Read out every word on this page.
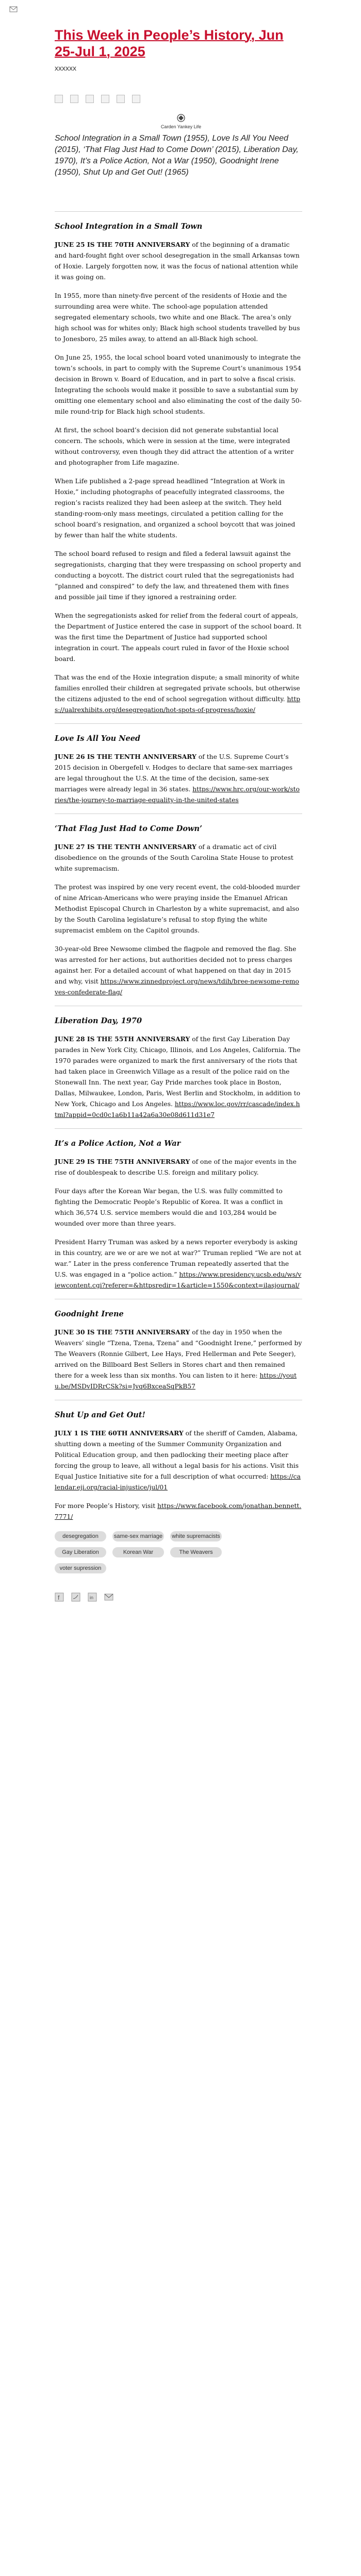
This Week in People’s History, Jun 25-Jul 1, 2025
xxxxxx
Carden Yankey Life
School Integration in a Small Town (1955), Love Is All You Need (2015), ‘That Flag Just Had to Come Down’ (2015), Liberation Day, 1970), It’s a Police Action, Not a War (1950), Goodnight Irene (1950), Shut Up and Get Out! (1965)
School Integration in a Small Town

JUNE 25 IS THE 70TH ANNIVERSARY of the beginning of a dramatic and hard-fought fight over school desegregation in the small Arkansas town of Hoxie. Largely forgotten now, it was the focus of national attention while it was going on.

In 1955, more than ninety-five percent of the residents of Hoxie and the surrounding area were white. The school-age population attended segregated elementary schools, two white and one Black. The area’s only high school was for whites only; Black high school students travelled by bus to Jonesboro, 25 miles away, to attend an all-Black high school.

On June 25, 1955, the local school board voted unanimously to integrate the town’s schools, in part to comply with the Supreme Court’s unanimous 1954 decision in Brown v. Board of Education, and in part to solve a fiscal crisis. Integrating the schools would make it possible to save a substantial sum by omitting one elementary school and also eliminating the cost of the daily 50-mile round-trip for Black high school students.

At first, the school board’s decision did not generate substantial local concern. The schools, which were in session at the time, were integrated without controversy, even though they did attract the attention of a writer and photographer from Life magazine.

When Life published a 2-page spread headlined “Integration at Work in Hoxie,” including photographs of peacefully integrated classrooms, the region’s racists realized they had been asleep at the switch. They held standing-room-only mass meetings, circulated a petition calling for the school board’s resignation, and organized a school boycott that was joined by fewer than half the white students.

The school board refused to resign and filed a federal lawsuit against the segregationists, charging that they were trespassing on school property and conducting a boycott. The district court ruled that the segregationists had “planned and conspired” to defy the law, and threatened them with fines and possible jail time if they ignored a restraining order.

When the segregationists asked for relief from the federal court of appeals, the Department of Justice entered the case in support of the school board. It was the first time the Department of Justice had supported school integration in court. The appeals court ruled in favor of the Hoxie school board.

That was the end of the Hoxie integration dispute; a small minority of white families enrolled their children at segregated private schools, but otherwise the citizens adjusted to the end of school segregation without difficulty. https://ualrexhibits.org/desegregation/hot-spots-of-progress/hoxie/

Love Is All You Need

JUNE 26 IS THE TENTH ANNIVERSARY of the U.S. Supreme Court’s 2015 decision in Obergefell v. Hodges to declare that same-sex marriages are legal throughout the U.S. At the time of the decision, same-sex marriages were already legal in 36 states. https://www.hrc.org/our-work/stories/the-journey-to-marriage-equality-in-the-united-states

‘That Flag Just Had to Come Down’

JUNE 27 IS THE TENTH ANNIVERSARY of a dramatic act of civil disobedience on the grounds of the South Carolina State House to protest white supremacism.

The protest was inspired by one very recent event, the cold-blooded murder of nine African-Americans who were praying inside the Emanuel African Methodist Episcopal Church in Charleston by a white supremacist, and also by the South Carolina legislature’s refusal to stop flying the white supremacist emblem on the Capitol grounds.

30-year-old Bree Newsome climbed the flagpole and removed the flag. She was arrested for her actions, but authorities decided not to press charges against her. For a detailed account of what happened on that day in 2015 and why, visit https://www.zinnedproject.org/news/tdih/bree-newsome-removes-confederate-flag/

Liberation Day, 1970

JUNE 28 IS THE 55TH ANNIVERSARY of the first Gay Liberation Day parades in New York City, Chicago, Illinois, and Los Angeles, California. The 1970 parades were organized to mark the first anniversary of the riots that had taken place in Greenwich Village as a result of the police raid on the Stonewall Inn. The next year, Gay Pride marches took place in Boston, Dallas, Milwaukee, London, Paris, West Berlin and Stockholm, in addition to New York, Chicago and Los Angeles. https://www.loc.gov/rr/cascade/index.html?appid=0cd0c1a6b11a42a6a30e08d611d31e7

It’s a Police Action, Not a War

JUNE 29 IS THE 75TH ANNIVERSARY of one of the major events in the rise of doublespeak to describe U.S. foreign and military policy.

Four days after the Korean War began, the U.S. was fully committed to fighting the Democratic People’s Republic of Korea. It was a conflict in which 36,574 U.S. service members would die and 103,284 would be wounded over more than three years.

President Harry Truman was asked by a news reporter everybody is asking in this country, are we or are we not at war?” Truman replied “We are not at war.” Later in the press conference Truman repeatedly asserted that the U.S. was engaged in a “police action.” https://www.presidency.ucsb.edu/ws/viewcontent.cgi?referer=&httpsredir=1&article=1550&context=ilasjournal/

Goodnight Irene

JUNE 30 IS THE 75TH ANNIVERSARY of the day in 1950 when the Weavers’ single “Tzena, Tzena, Tzena” and “Goodnight Irene,” performed by The Weavers (Ronnie Gilbert, Lee Hays, Fred Hellerman and Pete Seeger), arrived on the Billboard Best Sellers in Stores chart and then remained there for a week less than six months. You can listen to it here: https://youtu.be/MSDvIDRrCSk?si=Jvq6BxceaSqPkB57

Shut Up and Get Out!

JULY 1 IS THE 60TH ANNIVERSARY of the sheriff of Camden, Alabama, shutting down a meeting of the Summer Community Organization and Political Education group, and then padlocking their meeting place after forcing the group to leave, all without a legal basis for his actions. Visit this Equal Justice Initiative site for a full description of what occurred: https://calendar.eji.org/racial-injustice/jul/01

For more People’s History, visit https://www.facebook.com/jonathan.bennett.7771/

desegregation	same-sex marriage white supremacistsGay Liberation	Korean War	The Weaversvoter supression
f	in
